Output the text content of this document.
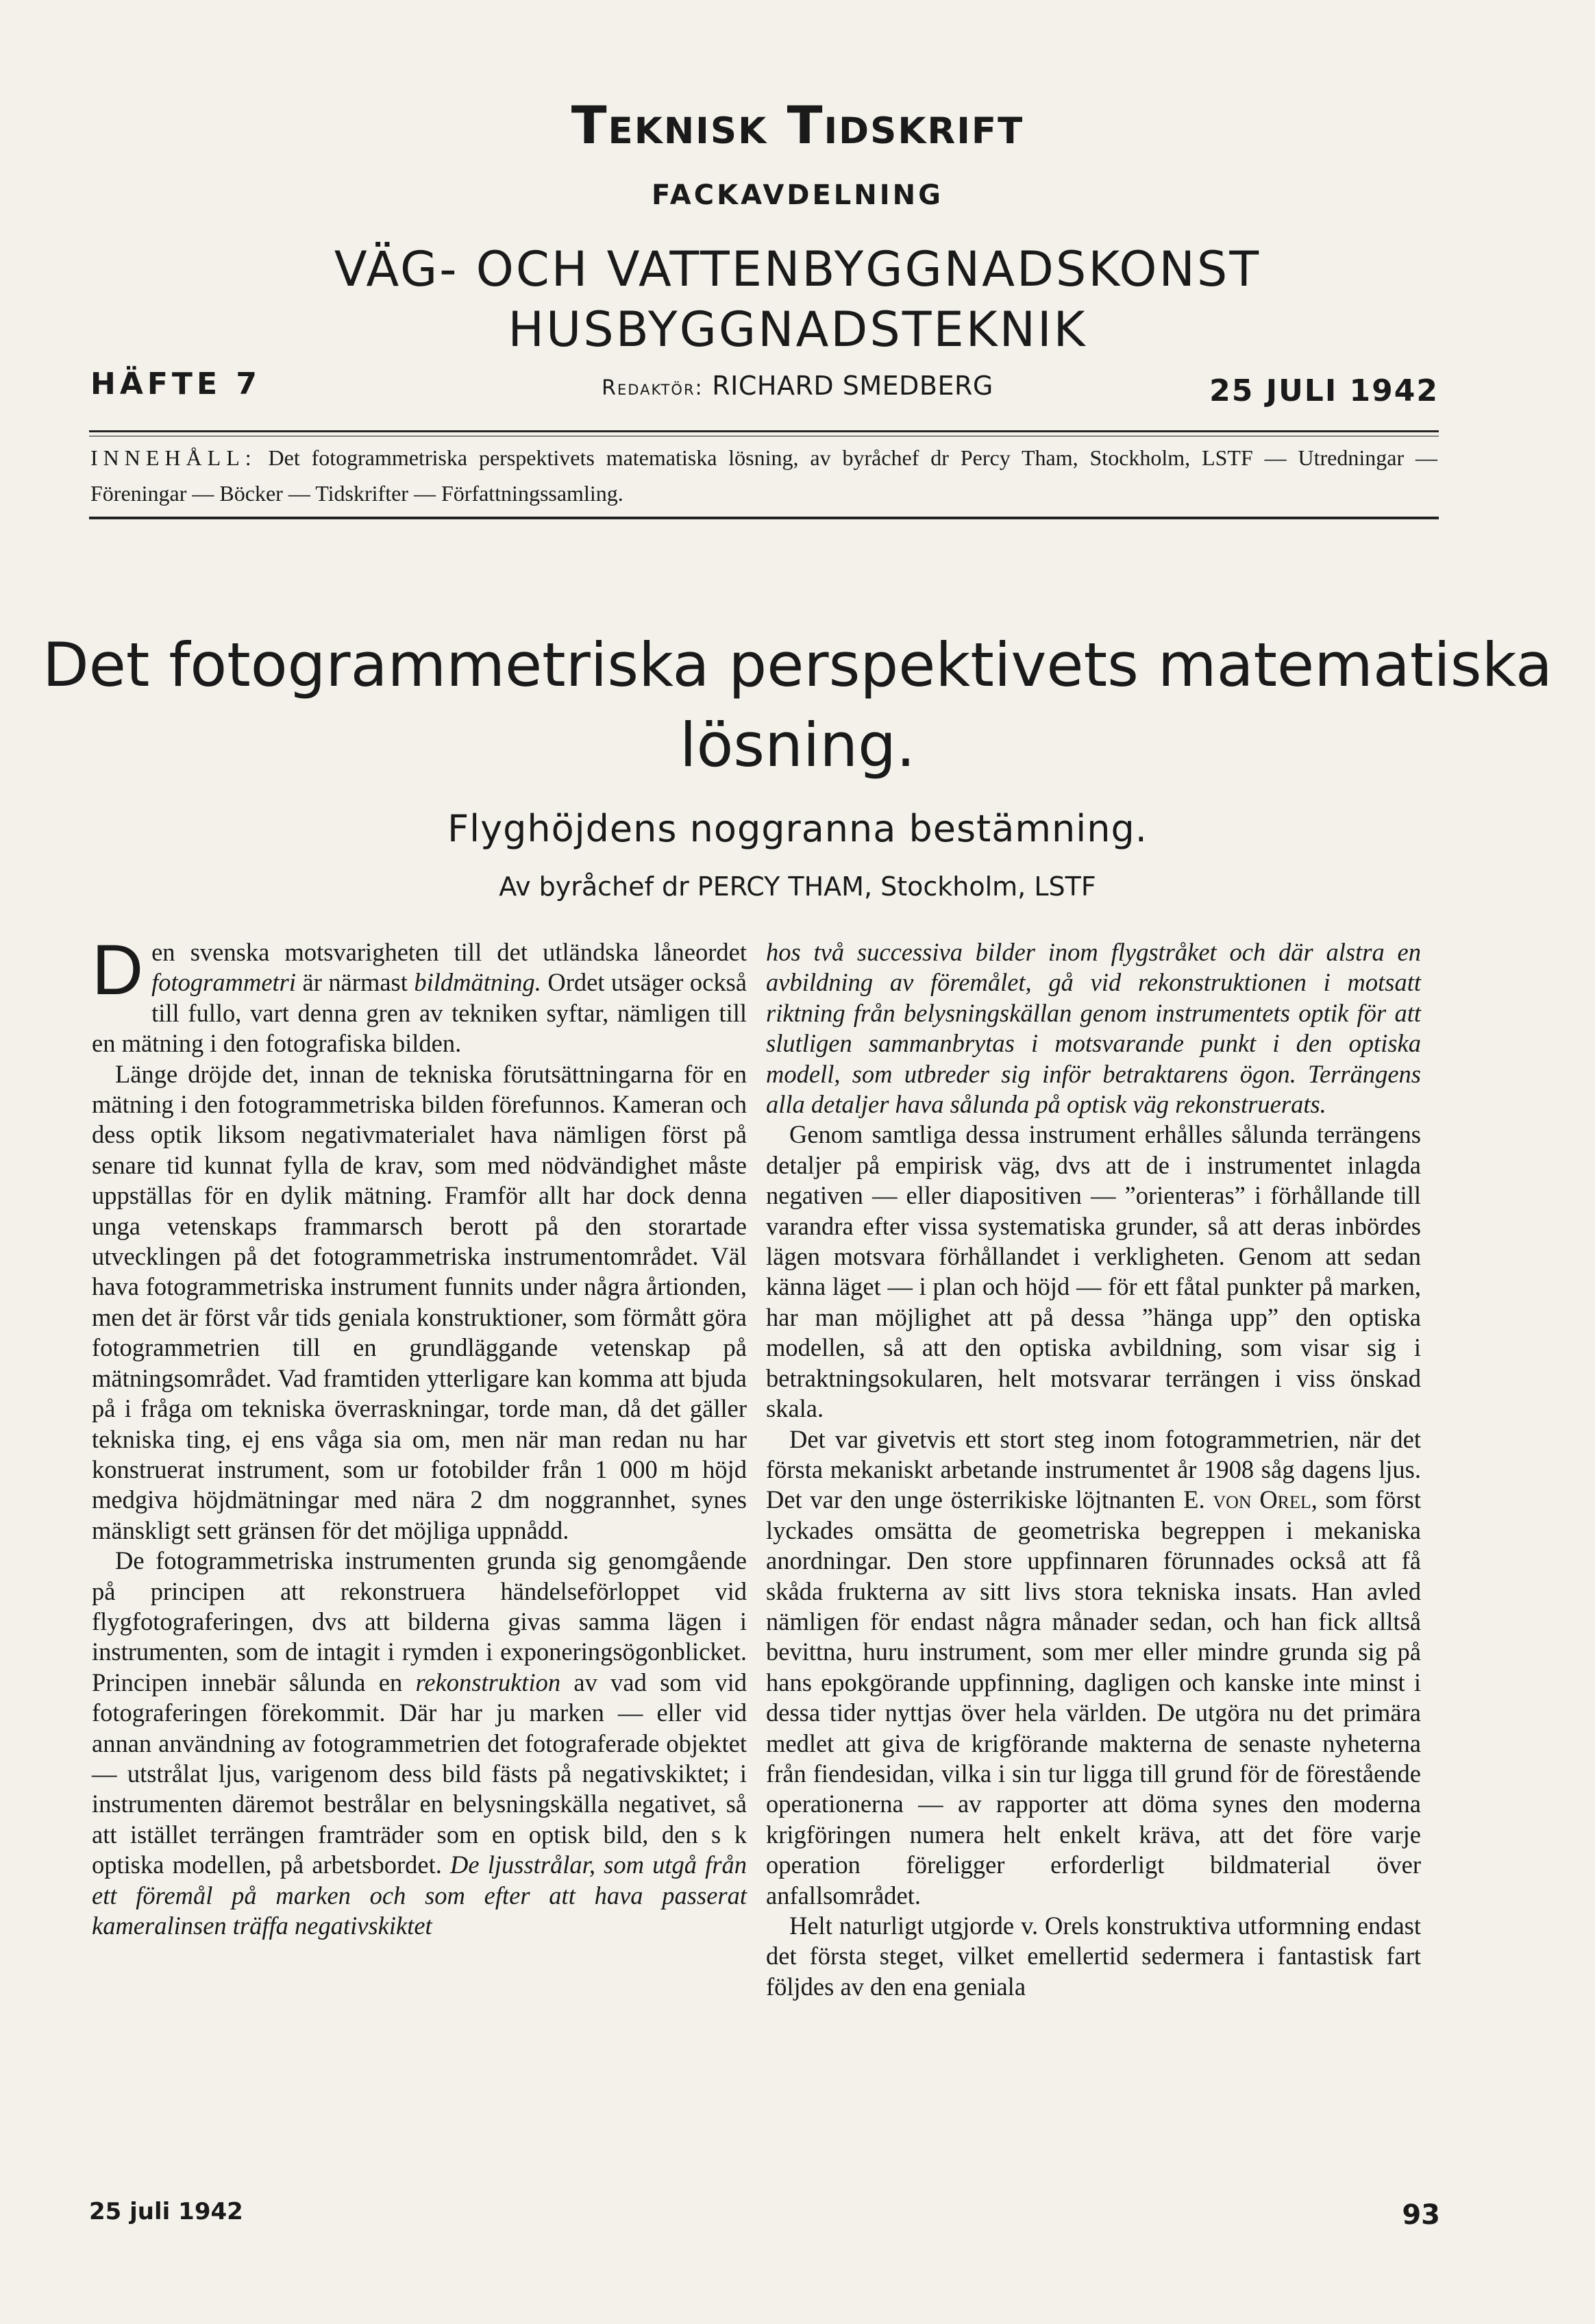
Teknisk Tidskrift
FACKAVDELNING
VÄG- OCH VATTENBYGGNADSKONST
HUSBYGGNADSTEKNIK
HÄFTE 7	Redaktör: RICHARD SMEDBERG	25 JULI 1942
INNEHÅLL: Det fotogrammetriska perspektivets matematiska lösning, av byråchef dr Percy Tham, Stockholm, LSTF — Utredningar — Föreningar — Böcker — Tidskrifter — Författningssamling.
Det fotogrammetriska perspektivets matematiska
lösning.
Flyghöjdens noggranna bestämning.
Av byråchef dr PERCY THAM, Stockholm, LSTF

Den svenska motsvarigheten till det utländska låneordet fotogrammetri är närmast bildmätning. Ordet utsäger också till fullo, vart denna gren av tekniken syftar, nämligen till en mätning i den fotografiska bilden.

Länge dröjde det, innan de tekniska förutsättningarna för en mätning i den fotogrammetriska bilden förefunnos. Kameran och dess optik liksom negativmaterialet hava nämligen först på senare tid kunnat fylla de krav, som med nödvändighet måste uppställas för en dylik mätning. Framför allt har dock denna unga vetenskaps frammarsch berott på den storartade utvecklingen på det fotogrammetriska instrumentområdet. Väl hava fotogrammetriska instrument funnits under några årtionden, men det är först vår tids geniala konstruktioner, som förmått göra fotogrammetrien till en grundläggande vetenskap på mätningsområdet. Vad framtiden ytterligare kan komma att bjuda på i fråga om tekniska överraskningar, torde man, då det gäller tekniska ting, ej ens våga sia om, men när man redan nu har konstruerat instrument, som ur fotobilder från 1 000 m höjd medgiva höjdmätningar med nära 2 dm noggrannhet, synes mänskligt sett gränsen för det möjliga uppnådd.

De fotogrammetriska instrumenten grunda sig genomgående på principen att rekonstruera händelseförloppet vid flygfotograferingen, dvs att bilderna givas samma lägen i instrumenten, som de intagit i rymden i exponeringsögonblicket. Principen innebär sålunda en rekonstruktion av vad som vid fotograferingen förekommit. Där har ju marken — eller vid annan användning av fotogrammetrien det fotograferade objektet — utstrålat ljus, varigenom dess bild fästs på negativskiktet; i instrumenten däremot bestrålar en belysningskälla negativet, så att istället terrängen framträder som en optisk bild, den s k optiska modellen, på arbetsbordet. De ljusstrålar, som utgå från ett föremål på marken och som efter att hava passerat kameralinsen träffa negativskiktet

hos två successiva bilder inom flygstråket och där alstra en avbildning av föremålet, gå vid rekonstruktionen i motsatt riktning från belysningskällan genom instrumentets optik för att slutligen sammanbrytas i motsvarande punkt i den optiska modell, som utbreder sig inför betraktarens ögon. Terrängens alla detaljer hava sålunda på optisk väg rekonstruerats.

Genom samtliga dessa instrument erhålles sålunda terrängens detaljer på empirisk väg, dvs att de i instrumentet inlagda negativen — eller diapositiven — ”orienteras” i förhållande till varandra efter vissa systematiska grunder, så att deras inbördes lägen motsvara förhållandet i verkligheten. Genom att sedan känna läget — i plan och höjd — för ett fåtal punkter på marken, har man möjlighet att på dessa ”hänga upp” den optiska modellen, så att den optiska avbildning, som visar sig i betraktningsokularen, helt motsvarar terrängen i viss önskad skala.

Det var givetvis ett stort steg inom fotogrammetrien, när det första mekaniskt arbetande instrumentet år 1908 såg dagens ljus. Det var den unge österrikiske löjtnanten E. von Orel, som först lyckades omsätta de geometriska begreppen i mekaniska anordningar. Den store uppfinnaren förunnades också att få skåda frukterna av sitt livs stora tekniska insats. Han avled nämligen för endast några månader sedan, och han fick alltså bevittna, huru instrument, som mer eller mindre grunda sig på hans epokgörande uppfinning, dagligen och kanske inte minst i dessa tider nyttjas över hela världen. De utgöra nu det primära medlet att giva de krigförande makterna de senaste nyheterna från fiendesidan, vilka i sin tur ligga till grund för de förestående operationerna — av rapporter att döma synes den moderna krigföringen numera helt enkelt kräva, att det före varje operation föreligger erforderligt bildmaterial över anfallsområdet.

Helt naturligt utgjorde v. Orels konstruktiva utformning endast det första steget, vilket emellertid sedermera i fantastisk fart följdes av den ena geniala

25 juli 1942	93
